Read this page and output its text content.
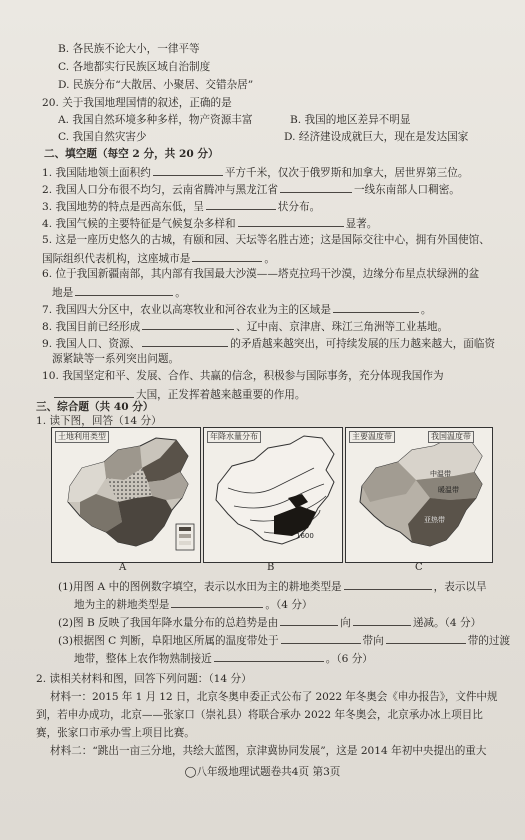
B. 各民族不论大小，一律平等
C. 各地都实行民族区域自治制度
D. 民族分布“大散居、小聚居、交错杂居”
20. 关于我国地理国情的叙述，正确的是
A. 我国自然环境多种多样，物产资源丰富	B. 我国的地区差异不明显
C. 我国自然灾害少	D. 经济建设成就巨大，现在是发达国家
二、填空题（每空 2 分，共 20 分）
1. 我国陆地领土面积约	平方千米，仅次于俄罗斯和加拿大，居世界第三位。
2. 我国人口分布很不均匀，云南省腾冲与黑龙江省	一线东南部人口稠密。
3. 我国地势的特点是西高东低，呈	状分布。
4. 我国气候的主要特征是气候复杂多样和	显著。
5. 这是一座历史悠久的古城，有颐和园、天坛等名胜古迹；这是国际交往中心，拥有外国使馆、
国际组织代表机构，这座城市是	。
6. 位于我国新疆南部，其内部有我国最大沙漠——塔克拉玛干沙漠，边缘分布星点状绿洲的盆
地是	。
7. 我国四大分区中，农业以高寒牧业和河谷农业为主的区域是	。
8. 我国目前已经形成	、辽中南、京津唐、珠江三角洲等工业基地。
9. 我国人口、资源、	的矛盾越来越突出，可持续发展的压力越来越大，面临资
源紧缺等一系列突出问题。
10. 我国坚定和平、发展、合作、共赢的信念，积极参与国际事务，充分体现我国作为
大国，正发挥着越来越重要的作用。
三、综合题（共 40 分）
1. 读下图，回答（14 分）
土地利用类型
1600
年降水量分布
中温带
暖温带
亚热带
主要温度带	我国温度带
A	B	C
(1)用图 A 中的图例数字填空，表示以水田为主的耕地类型是	，表示以旱
地为主的耕地类型是	。（4 分）
(2)图 B 反映了我国年降水量分布的总趋势是由	向	递减。（4 分）
(3)根据图 C 判断，阜阳地区所属的温度带处于	带向	带的过渡
地带，整体上农作物熟制接近	。（6 分）
2. 读相关材料和图，回答下列问题：（14 分）
材料一：2015 年 1 月 12 日，北京冬奥申委正式公布了 2022 年冬奥会《申办报告》，文件中规
到，若申办成功，北京——张家口（崇礼县）将联合承办 2022 年冬奥会，北京承办冰上项目比
赛，张家口市承办雪上项目比赛。
材料二：“跳出一亩三分地，共绘大蓝图，京津冀协同发展”，这是 2014 年初中央提出的重大
◯八年级地理试题卷共4页 第3页
